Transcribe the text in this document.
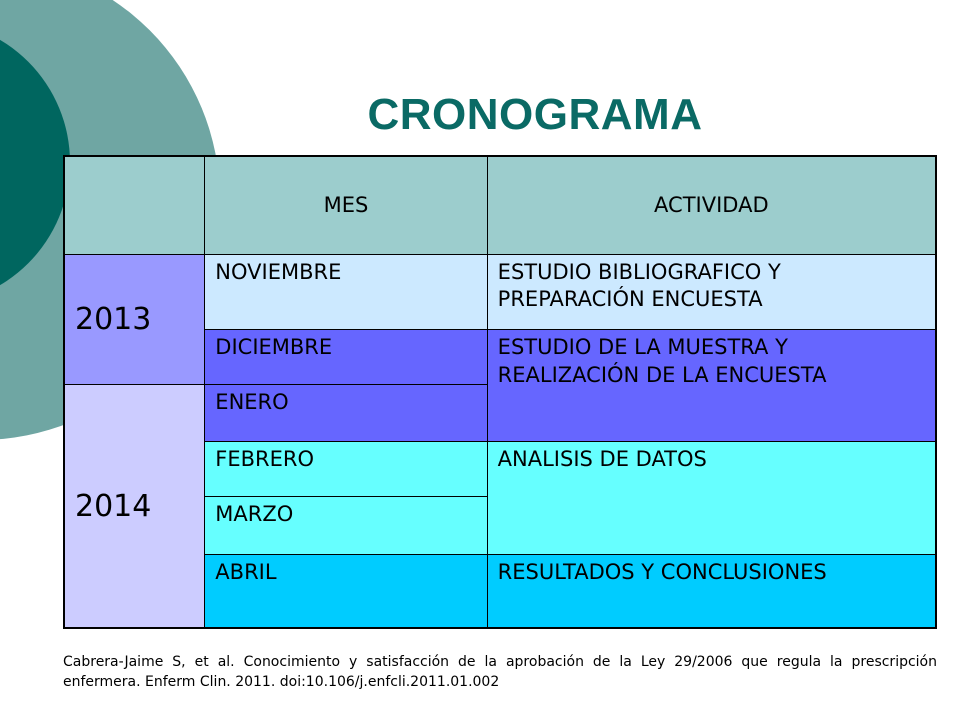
CRONOGRAMA
	MES	ACTIVIDAD
2013	NOVIEMBRE	ESTUDIO BIBLIOGRAFICO Y PREPARACIÓN ENCUESTA
	DICIEMBRE	ESTUDIO DE LA MUESTRA Y REALIZACIÓN DE LA ENCUESTA
2014	ENERO	
	FEBRERO	ANALISIS DE DATOS
	MARZO	
	ABRIL	RESULTADOS Y CONCLUSIONES
Cabrera-Jaime S, et al. Conocimiento y satisfacción de la aprobación de la Ley 29/2006 que regula la prescripción enfermera. Enferm Clin. 2011. doi:10.106/j.enfcli.2011.01.002
